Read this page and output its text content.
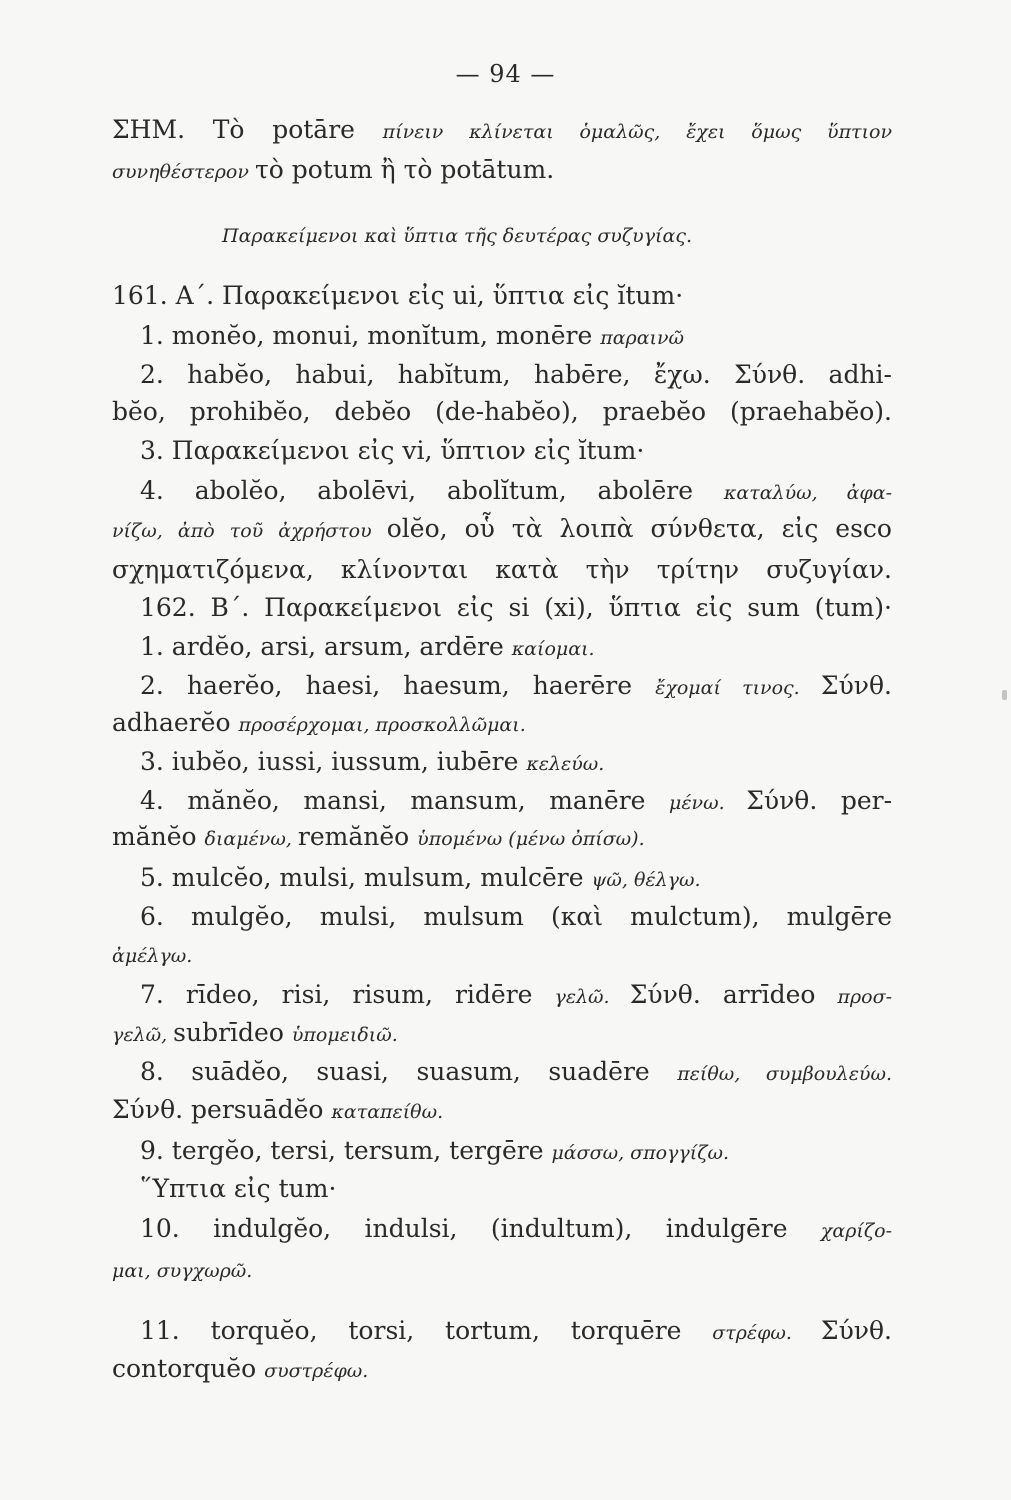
— 94 —
ΣΗΜ. Τὸ potāre πίνειν κλίνεται ὁμαλῶς, ἔχει ὅμως ὕπτιον
συνηθέστερον τὸ potum ἢ τὸ potātum.
Παρακείμενοι καὶ ὕπτια τῆς δευτέρας συζυγίας.
161. Α΄. Παρακείμενοι εἰς ui, ὕπτια εἰς ĭtum·
1. monĕo, monui, monĭtum, monēre παραινῶ
2. habĕo, habui, habĭtum, habēre, ἔχω. Σύνθ. adhi-
bĕo, prohibĕo, debĕo (de-habĕo), praebĕo (praehabĕo).
3. Παρακείμενοι εἰς vi, ὕπτιον εἰς ĭtum·
4. abolĕo, abolēvi, abolĭtum, abolēre καταλύω, ἀφα-
νίζω, ἀπὸ τοῦ ἀχρήστου olĕo, οὗ τὰ λοιπὰ σύνθετα, εἰς esco
σχηματιζόμενα, κλίνονται κατὰ τὴν τρίτην συζυγίαν.
162. Β΄. Παρακείμενοι εἰς si (xi), ὕπτια εἰς sum (tum)·
1. ardĕo, arsi, arsum, ardēre καίομαι.
2. haerĕo, haesi, haesum, haerēre ἔχομαί τινος. Σύνθ.
adhaerĕo προσέρχομαι, προσκολλῶμαι.
3. iubĕo, iussi, iussum, iubēre κελεύω.
4. mănĕo, mansi, mansum, manēre μένω. Σύνθ. per-
mănĕo διαμένω, remănĕo ὑπομένω (μένω ὀπίσω).
5. mulcĕo, mulsi, mulsum, mulcēre ψῶ, θέλγω.
6. mulgĕo, mulsi, mulsum (καὶ mulctum), mulgēre
ἀμέλγω.
7. rīdeo, risi, risum, ridēre γελῶ. Σύνθ. arrīdeo προσ-
γελῶ, subrīdeo ὑπομειδιῶ.
8. suādĕo, suasi, suasum, suadēre πείθω, συμβουλεύω.
Σύνθ. persuādĕo καταπείθω.
9. tergĕo, tersi, tersum, tergēre μάσσω, σπογγίζω.
῞Υπτια εἰς tum·
10. indulgĕo, indulsi, (indultum), indulgēre χαρίζο-
μαι, συγχωρῶ.
11. torquĕo, torsi, tortum, torquēre στρέφω. Σύνθ.
contorquĕo συστρέφω.
